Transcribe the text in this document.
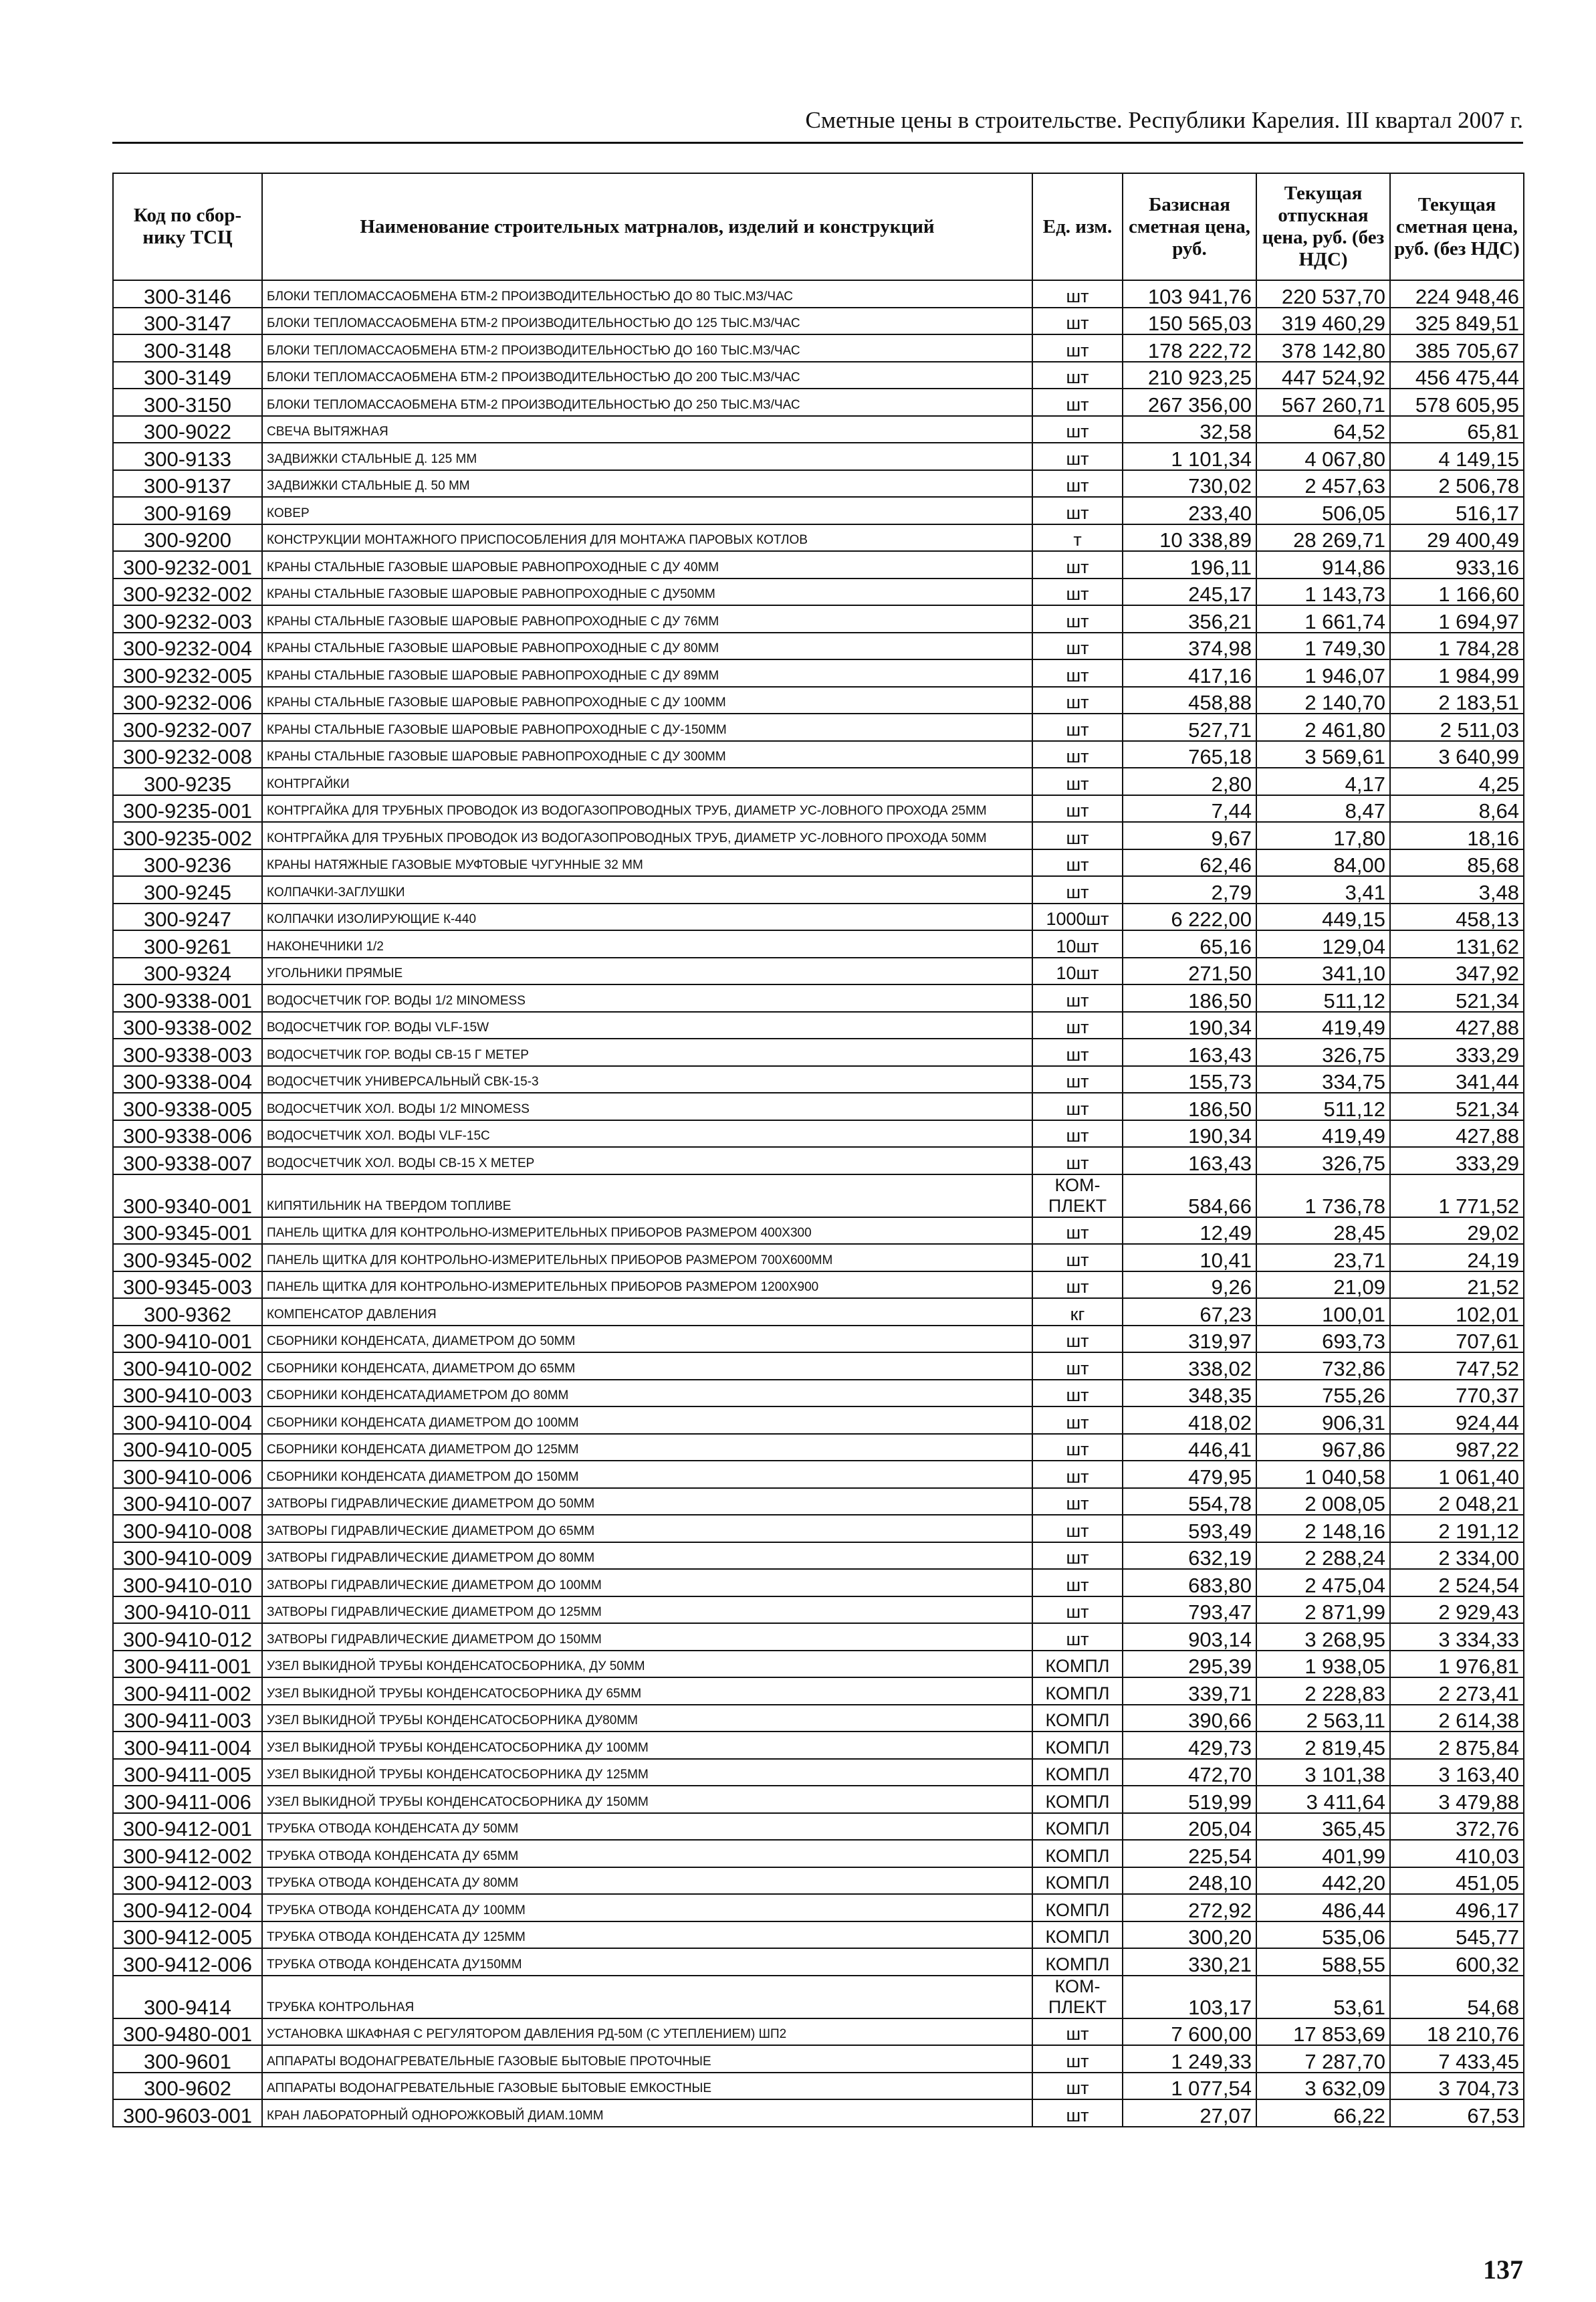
Сметные цены в строительстве. Республики Карелия. III квартал 2007 г.
Код по сбор-нику ТСЦ	Наименование строительных матрналов, изделий и конструкций	Ед. изм.	Базисная сметная цена, руб.	Текущая отпускная цена, руб. (без НДС)	Текущая сметная цена, руб. (без НДС)
300-3146	БЛОКИ ТЕПЛОМАССАОБМЕНА БТМ-2 ПРОИЗВОДИТЕЛЬНОСТЬЮ ДО 80 ТЫС.МЗ/ЧАС	шт	103 941,76	220 537,70	224 948,46
300-3147	БЛОКИ ТЕПЛОМАССАОБМЕНА БТМ-2 ПРОИЗВОДИТЕЛЬНОСТЬЮ ДО 125 ТЫС.МЗ/ЧАС	шт	150 565,03	319 460,29	325 849,51
300-3148	БЛОКИ ТЕПЛОМАССАОБМЕНА БТМ-2 ПРОИЗВОДИТЕЛЬНОСТЬЮ ДО 160 ТЫС.МЗ/ЧАС	шт	178 222,72	378 142,80	385 705,67
300-3149	БЛОКИ ТЕПЛОМАССАОБМЕНА БТМ-2 ПРОИЗВОДИТЕЛЬНОСТЬЮ ДО 200 ТЫС.МЗ/ЧАС	шт	210 923,25	447 524,92	456 475,44
300-3150	БЛОКИ ТЕПЛОМАССАОБМЕНА БТМ-2 ПРОИЗВОДИТЕЛЬНОСТЬЮ ДО 250 ТЫС.МЗ/ЧАС	шт	267 356,00	567 260,71	578 605,95
300-9022	СВЕЧА ВЫТЯЖНАЯ	шт	32,58	64,52	65,81
300-9133	ЗАДВИЖКИ СТАЛЬНЫЕ Д. 125 ММ	шт	1 101,34	4 067,80	4 149,15
300-9137	ЗАДВИЖКИ СТАЛЬНЫЕ Д. 50 ММ	шт	730,02	2 457,63	2 506,78
300-9169	КОВЕР	шт	233,40	506,05	516,17
300-9200	КОНСТРУКЦИИ МОНТАЖНОГО ПРИСПОСОБЛЕНИЯ ДЛЯ МОНТАЖА ПАРОВЫХ КОТЛОВ	т	10 338,89	28 269,71	29 400,49
300-9232-001	КРАНЫ СТАЛЬНЫЕ ГАЗОВЫЕ ШАРОВЫЕ РАВНОПРОХОДНЫЕ С ДУ 40ММ	шт	196,11	914,86	933,16
300-9232-002	КРАНЫ СТАЛЬНЫЕ ГАЗОВЫЕ ШАРОВЫЕ РАВНОПРОХОДНЫЕ С ДУ50ММ	шт	245,17	1 143,73	1 166,60
300-9232-003	КРАНЫ СТАЛЬНЫЕ ГАЗОВЫЕ ШАРОВЫЕ РАВНОПРОХОДНЫЕ С ДУ 76ММ	шт	356,21	1 661,74	1 694,97
300-9232-004	КРАНЫ СТАЛЬНЫЕ ГАЗОВЫЕ ШАРОВЫЕ РАВНОПРОХОДНЫЕ С ДУ 80ММ	шт	374,98	1 749,30	1 784,28
300-9232-005	КРАНЫ СТАЛЬНЫЕ ГАЗОВЫЕ ШАРОВЫЕ РАВНОПРОХОДНЫЕ С ДУ 89ММ	шт	417,16	1 946,07	1 984,99
300-9232-006	КРАНЫ СТАЛЬНЫЕ ГАЗОВЫЕ ШАРОВЫЕ РАВНОПРОХОДНЫЕ С ДУ 100ММ	шт	458,88	2 140,70	2 183,51
300-9232-007	КРАНЫ СТАЛЬНЫЕ ГАЗОВЫЕ ШАРОВЫЕ РАВНОПРОХОДНЫЕ С ДУ-150ММ	шт	527,71	2 461,80	2 511,03
300-9232-008	КРАНЫ СТАЛЬНЫЕ ГАЗОВЫЕ ШАРОВЫЕ РАВНОПРОХОДНЫЕ С ДУ 300ММ	шт	765,18	3 569,61	3 640,99
300-9235	КОНТРГАЙКИ	шт	2,80	4,17	4,25
300-9235-001	КОНТРГАЙКА ДЛЯ ТРУБНЫХ ПРОВОДОК ИЗ ВОДОГАЗОПРОВОДНЫХ ТРУБ, ДИАМЕТР УС-ЛОВНОГО ПРОХОДА 25ММ	шт	7,44	8,47	8,64
300-9235-002	КОНТРГАЙКА ДЛЯ ТРУБНЫХ ПРОВОДОК ИЗ ВОДОГАЗОПРОВОДНЫХ ТРУБ, ДИАМЕТР УС-ЛОВНОГО ПРОХОДА 50ММ	шт	9,67	17,80	18,16
300-9236	КРАНЫ НАТЯЖНЫЕ ГАЗОВЫЕ МУФТОВЫЕ ЧУГУННЫЕ 32 ММ	шт	62,46	84,00	85,68
300-9245	КОЛПАЧКИ-ЗАГЛУШКИ	шт	2,79	3,41	3,48
300-9247	КОЛПАЧКИ ИЗОЛИРУЮЩИЕ К-440	1000шт	6 222,00	449,15	458,13
300-9261	НАКОНЕЧНИКИ 1/2	10шт	65,16	129,04	131,62
300-9324	УГОЛЬНИКИ ПРЯМЫЕ	10шт	271,50	341,10	347,92
300-9338-001	ВОДОСЧЕТЧИК ГОР. ВОДЫ 1/2 MINOMESS	шт	186,50	511,12	521,34
300-9338-002	ВОДОСЧЕТЧИК ГОР. ВОДЫ VLF-15W	шт	190,34	419,49	427,88
300-9338-003	ВОДОСЧЕТЧИК ГОР. ВОДЫ СВ-15 Г МЕТЕР	шт	163,43	326,75	333,29
300-9338-004	ВОДОСЧЕТЧИК УНИВЕРСАЛЬНЫЙ СВК-15-3	шт	155,73	334,75	341,44
300-9338-005	ВОДОСЧЕТЧИК ХОЛ. ВОДЫ 1/2 MINOMESS	шт	186,50	511,12	521,34
300-9338-006	ВОДОСЧЕТЧИК ХОЛ. ВОДЫ VLF-15C	шт	190,34	419,49	427,88
300-9338-007	ВОДОСЧЕТЧИК ХОЛ. ВОДЫ СВ-15 Х МЕТЕР	шт	163,43	326,75	333,29
300-9340-001	КИПЯТИЛЬНИК НА ТВЕРДОМ ТОПЛИВЕ	КОМ-ПЛЕКТ	584,66	1 736,78	1 771,52
300-9345-001	ПАНЕЛЬ ЩИТКА ДЛЯ КОНТРОЛЬНО-ИЗМЕРИТЕЛЬНЫХ ПРИБОРОВ РАЗМЕРОМ 400Х300	шт	12,49	28,45	29,02
300-9345-002	ПАНЕЛЬ ЩИТКА ДЛЯ КОНТРОЛЬНО-ИЗМЕРИТЕЛЬНЫХ ПРИБОРОВ РАЗМЕРОМ 700Х600ММ	шт	10,41	23,71	24,19
300-9345-003	ПАНЕЛЬ ЩИТКА ДЛЯ КОНТРОЛЬНО-ИЗМЕРИТЕЛЬНЫХ ПРИБОРОВ РАЗМЕРОМ 1200Х900	шт	9,26	21,09	21,52
300-9362	КОМПЕНСАТОР ДАВЛЕНИЯ	кг	67,23	100,01	102,01
300-9410-001	СБОРНИКИ КОНДЕНСАТА, ДИАМЕТРОМ ДО 50ММ	шт	319,97	693,73	707,61
300-9410-002	СБОРНИКИ КОНДЕНСАТА, ДИАМЕТРОМ ДО 65ММ	шт	338,02	732,86	747,52
300-9410-003	СБОРНИКИ КОНДЕНСАТАДИАМЕТРОМ ДО 80ММ	шт	348,35	755,26	770,37
300-9410-004	СБОРНИКИ КОНДЕНСАТА ДИАМЕТРОМ ДО 100ММ	шт	418,02	906,31	924,44
300-9410-005	СБОРНИКИ КОНДЕНСАТА ДИАМЕТРОМ ДО 125ММ	шт	446,41	967,86	987,22
300-9410-006	СБОРНИКИ КОНДЕНСАТА ДИАМЕТРОМ ДО 150ММ	шт	479,95	1 040,58	1 061,40
300-9410-007	ЗАТВОРЫ ГИДРАВЛИЧЕСКИЕ ДИАМЕТРОМ ДО 50ММ	шт	554,78	2 008,05	2 048,21
300-9410-008	ЗАТВОРЫ ГИДРАВЛИЧЕСКИЕ ДИАМЕТРОМ ДО 65ММ	шт	593,49	2 148,16	2 191,12
300-9410-009	ЗАТВОРЫ ГИДРАВЛИЧЕСКИЕ ДИАМЕТРОМ ДО 80ММ	шт	632,19	2 288,24	2 334,00
300-9410-010	ЗАТВОРЫ ГИДРАВЛИЧЕСКИЕ ДИАМЕТРОМ ДО 100ММ	шт	683,80	2 475,04	2 524,54
300-9410-011	ЗАТВОРЫ ГИДРАВЛИЧЕСКИЕ ДИАМЕТРОМ ДО 125ММ	шт	793,47	2 871,99	2 929,43
300-9410-012	ЗАТВОРЫ ГИДРАВЛИЧЕСКИЕ ДИАМЕТРОМ ДО 150ММ	шт	903,14	3 268,95	3 334,33
300-9411-001	УЗЕЛ ВЫКИДНОЙ ТРУБЫ КОНДЕНСАТОСБОРНИКА, ДУ 50ММ	КОМПЛ	295,39	1 938,05	1 976,81
300-9411-002	УЗЕЛ ВЫКИДНОЙ ТРУБЫ КОНДЕНСАТОСБОРНИКА ДУ 65ММ	КОМПЛ	339,71	2 228,83	2 273,41
300-9411-003	УЗЕЛ ВЫКИДНОЙ ТРУБЫ КОНДЕНСАТОСБОРНИКА ДУ80ММ	КОМПЛ	390,66	2 563,11	2 614,38
300-9411-004	УЗЕЛ ВЫКИДНОЙ ТРУБЫ КОНДЕНСАТОСБОРНИКА ДУ 100ММ	КОМПЛ	429,73	2 819,45	2 875,84
300-9411-005	УЗЕЛ ВЫКИДНОЙ ТРУБЫ КОНДЕНСАТОСБОРНИКА ДУ 125ММ	КОМПЛ	472,70	3 101,38	3 163,40
300-9411-006	УЗЕЛ ВЫКИДНОЙ ТРУБЫ КОНДЕНСАТОСБОРНИКА ДУ 150ММ	КОМПЛ	519,99	3 411,64	3 479,88
300-9412-001	ТРУБКА ОТВОДА КОНДЕНСАТА ДУ 50ММ	КОМПЛ	205,04	365,45	372,76
300-9412-002	ТРУБКА ОТВОДА КОНДЕНСАТА ДУ 65ММ	КОМПЛ	225,54	401,99	410,03
300-9412-003	ТРУБКА ОТВОДА КОНДЕНСАТА ДУ 80ММ	КОМПЛ	248,10	442,20	451,05
300-9412-004	ТРУБКА ОТВОДА КОНДЕНСАТА ДУ 100ММ	КОМПЛ	272,92	486,44	496,17
300-9412-005	ТРУБКА ОТВОДА КОНДЕНСАТА ДУ 125ММ	КОМПЛ	300,20	535,06	545,77
300-9412-006	ТРУБКА ОТВОДА КОНДЕНСАТА ДУ150ММ	КОМПЛ	330,21	588,55	600,32
300-9414	ТРУБКА КОНТРОЛЬНАЯ	КОМ-ПЛЕКТ	103,17	53,61	54,68
300-9480-001	УСТАНОВКА ШКАФНАЯ С РЕГУЛЯТОРОМ ДАВЛЕНИЯ РД-50М (С УТЕПЛЕНИЕМ) ШП2	шт	7 600,00	17 853,69	18 210,76
300-9601	АППАРАТЫ ВОДОНАГРЕВАТЕЛЬНЫЕ ГАЗОВЫЕ БЫТОВЫЕ ПРОТОЧНЫЕ	шт	1 249,33	7 287,70	7 433,45
300-9602	АППАРАТЫ ВОДОНАГРЕВАТЕЛЬНЫЕ ГАЗОВЫЕ БЫТОВЫЕ ЕМКОСТНЫЕ	шт	1 077,54	3 632,09	3 704,73
300-9603-001	КРАН ЛАБОРАТОРНЫЙ ОДНОРОЖКОВЫЙ ДИАМ.10ММ	шт	27,07	66,22	67,53
137
